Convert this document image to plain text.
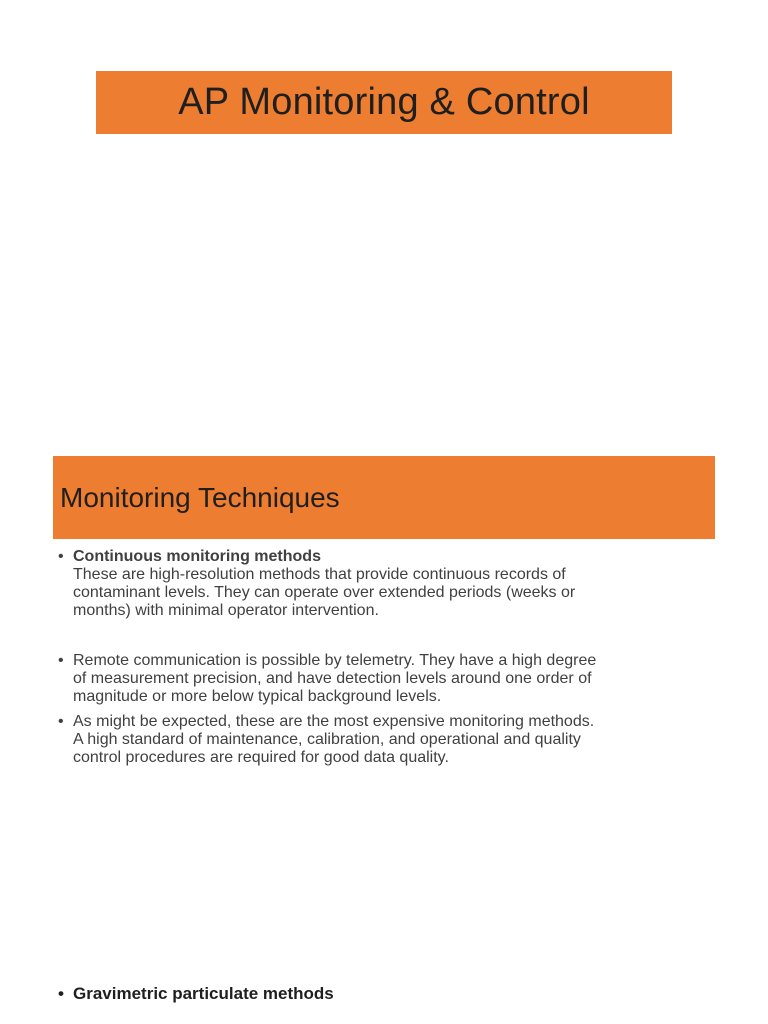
AP Monitoring & Control
Monitoring Techniques
• Continuous monitoring methods
These are high-resolution methods that provide continuous records of
contaminant levels. They can operate over extended periods (weeks or
months) with minimal operator intervention.
• Remote communication is possible by telemetry. They have a high degree
of measurement precision, and have detection levels around one order of
magnitude or more below typical background levels.
• As might be expected, these are the most expensive monitoring methods.
A high standard of maintenance, calibration, and operational and quality
control procedures are required for good data quality.
• Gravimetric particulate methods
